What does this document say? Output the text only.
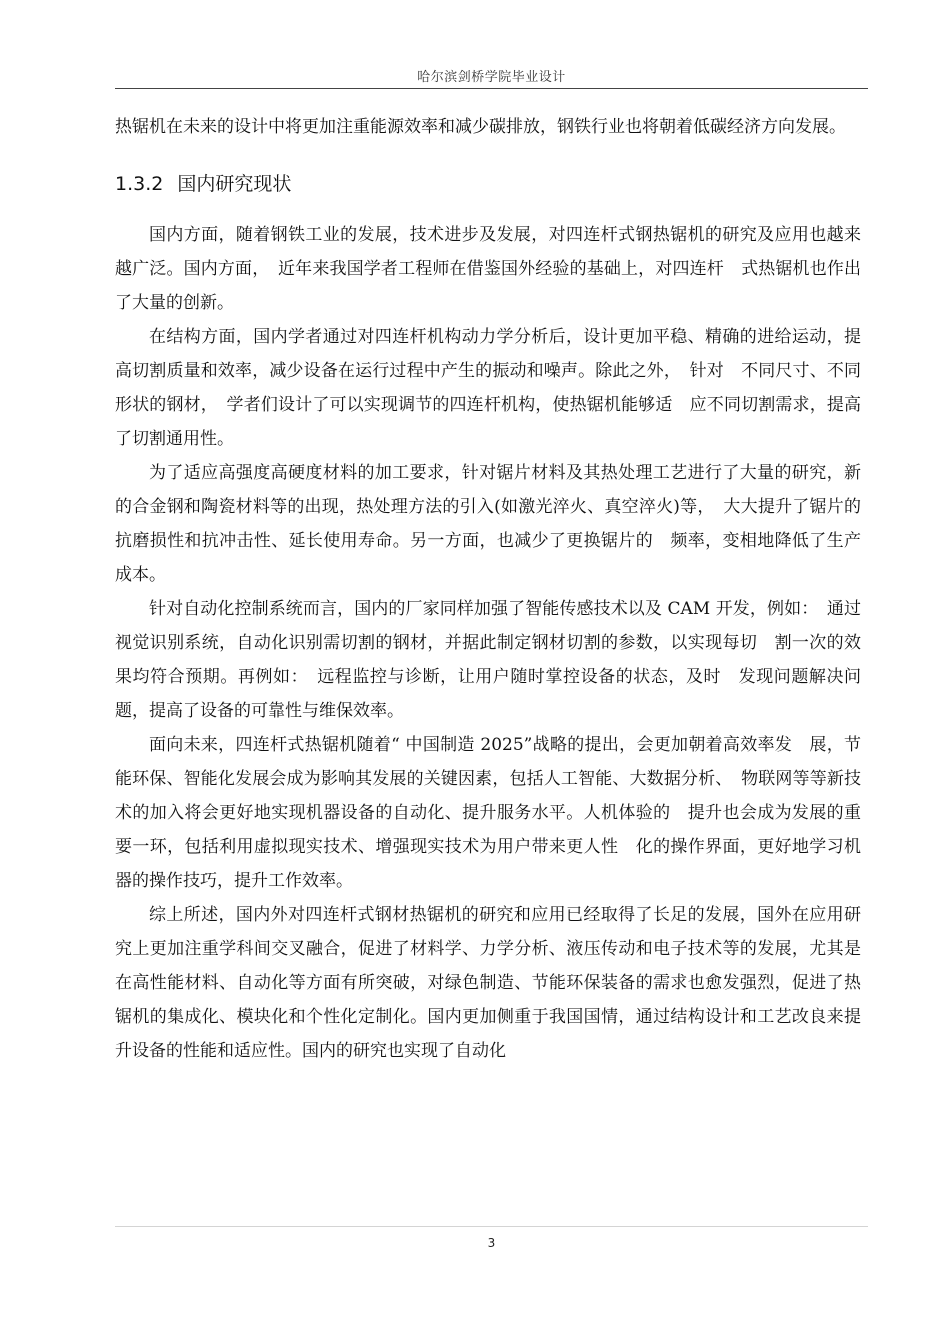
哈尔滨剑桥学院毕业设计

热锯机在未来的设计中将更加注重能源效率和减少碳排放，钢铁行业也将朝着低碳经济方向发展。

1.3.2 国内研究现状

国内方面，随着钢铁工业的发展，技术进步及发展，对四连杆式钢热锯机的研究及应用也越来越广泛。国内方面，　近年来我国学者工程师在借鉴国外经验的基础上，对四连杆　式热锯机也作出了大量的创新。

在结构方面，国内学者通过对四连杆机构动力学分析后，设计更加平稳、精确的进给运动，提高切割质量和效率，减少设备在运行过程中产生的振动和噪声。除此之外，　针对　不同尺寸、不同形状的钢材，　学者们设计了可以实现调节的四连杆机构，使热锯机能够适　应不同切割需求，提高了切割通用性。

为了适应高强度高硬度材料的加工要求，针对锯片材料及其热处理工艺进行了大量的研究，新的合金钢和陶瓷材料等的出现，热处理方法的引入(如激光淬火、真空淬火)等，　大大提升了锯片的抗磨损性和抗冲击性、延长使用寿命。另一方面，也减少了更换锯片的　频率，变相地降低了生产成本。

针对自动化控制系统而言，国内的厂家同样加强了智能传感技术以及 CAM 开发，例如：　通过视觉识别系统，自动化识别需切割的钢材，并据此制定钢材切割的参数，以实现每切　割一次的效果均符合预期。再例如：　远程监控与诊断，让用户随时掌控设备的状态，及时　发现问题解决问题，提高了设备的可靠性与维保效率。

面向未来，四连杆式热锯机随着“ 中国制造 2025”战略的提出，会更加朝着高效率发　展，节能环保、智能化发展会成为影响其发展的关键因素，包括人工智能、大数据分析、　物联网等等新技术的加入将会更好地实现机器设备的自动化、提升服务水平。人机体验的　提升也会成为发展的重要一环，包括利用虚拟现实技术、增强现实技术为用户带来更人性　化的操作界面，更好地学习机器的操作技巧，提升工作效率。

综上所述，国内外对四连杆式钢材热锯机的研究和应用已经取得了长足的发展，国外在应用研究上更加注重学科间交叉融合，促进了材料学、力学分析、液压传动和电子技术等的发展，尤其是在高性能材料、自动化等方面有所突破，对绿色制造、节能环保装备的需求也愈发强烈，促进了热锯机的集成化、模块化和个性化定制化。国内更加侧重于我国国情，通过结构设计和工艺改良来提升设备的性能和适应性。国内的研究也实现了自动化

3
